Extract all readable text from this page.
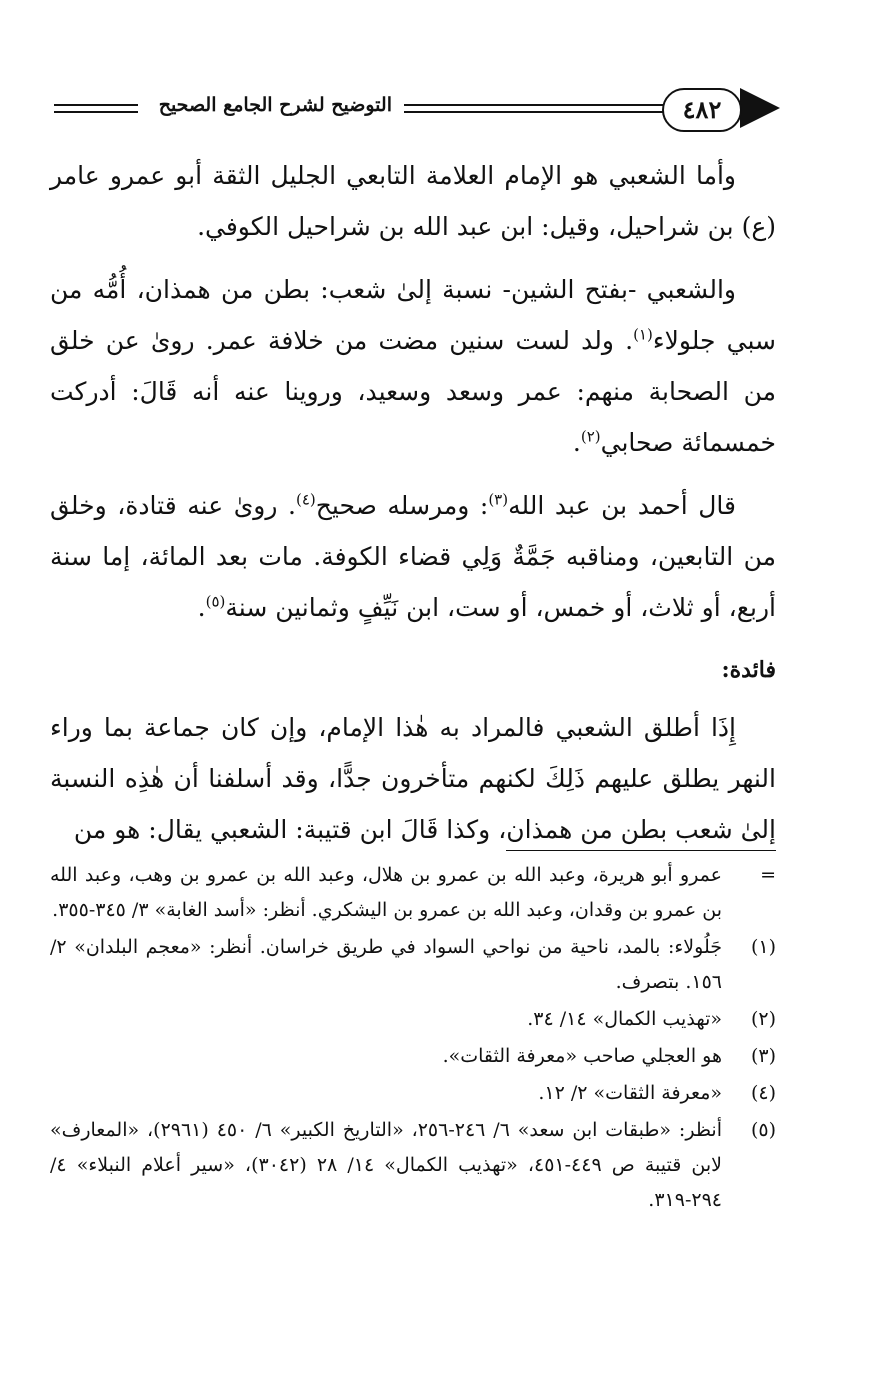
٤٨٢
التوضيح لشرح الجامع الصحيح

وأما الشعبي هو الإمام العلامة التابعي الجليل الثقة أبو عمرو عامر (ع) بن شراحيل، وقيل: ابن عبد الله بن شراحيل الكوفي.

والشعبي -بفتح الشين- نسبة إلىٰ شعب: بطن من همذان، أُمُّه من سبي جلولاء$^{(١)}$. ولد لست سنين مضت من خلافة عمر. رویٰ عن خلق من الصحابة منهم: عمر وسعد وسعيد، وروينا عنه أنه قَالَ: أدركت خمسمائة صحابي$^{(٢)}$.

قال أحمد بن عبد الله$^{(٣)}$: ومرسله صحيح$^{(٤)}$. رویٰ عنه قتادة، وخلق من التابعين، ومناقبه جَمَّةٌ وَلِي قضاء الكوفة. مات بعد المائة، إما سنة أربع، أو ثلاث، أو خمس، أو ست، ابن نَيِّفٍ وثمانين سنة$^{(٥)}$.

فائدة:

إِذَا أطلق الشعبي فالمراد به هٰذا الإمام، وإن كان جماعة بما وراء النهر يطلق عليهم ذَلِكَ لكنهم متأخرون جدًّا، وقد أسلفنا أن هٰذِه النسبة إلىٰ شعب بطن من همذان، وكذا قَالَ ابن قتيبة: الشعبي يقال: هو من

=
عمرو أبو هريرة، وعبد الله بن عمرو بن هلال، وعبد الله بن عمرو بن وهب، وعبد الله بن عمرو بن وقدان، وعبد الله بن عمرو بن اليشكري. أنظر: «أسد الغابة» ٣/ ٣٤٥-٣٥٥.
(١)
جَلُولاء: بالمد، ناحية من نواحي السواد في طريق خراسان. أنظر: «معجم البلدان» ٢/ ١٥٦. بتصرف.
(٢)
«تهذيب الكمال» ١٤/ ٣٤.
(٣)
هو العجلي صاحب «معرفة الثقات».
(٤)
«معرفة الثقات» ٢/ ١٢.
(٥)
أنظر: «طبقات ابن سعد» ٦/ ٢٤٦-٢٥٦، «التاريخ الكبير» ٦/ ٤٥٠ (٢٩٦١)، «المعارف» لابن قتيبة ص ٤٤٩-٤٥١، «تهذيب الكمال» ١٤/ ٢٨ (٣٠٤٢)، «سير أعلام النبلاء» ٤/ ٢٩٤-٣١٩.
